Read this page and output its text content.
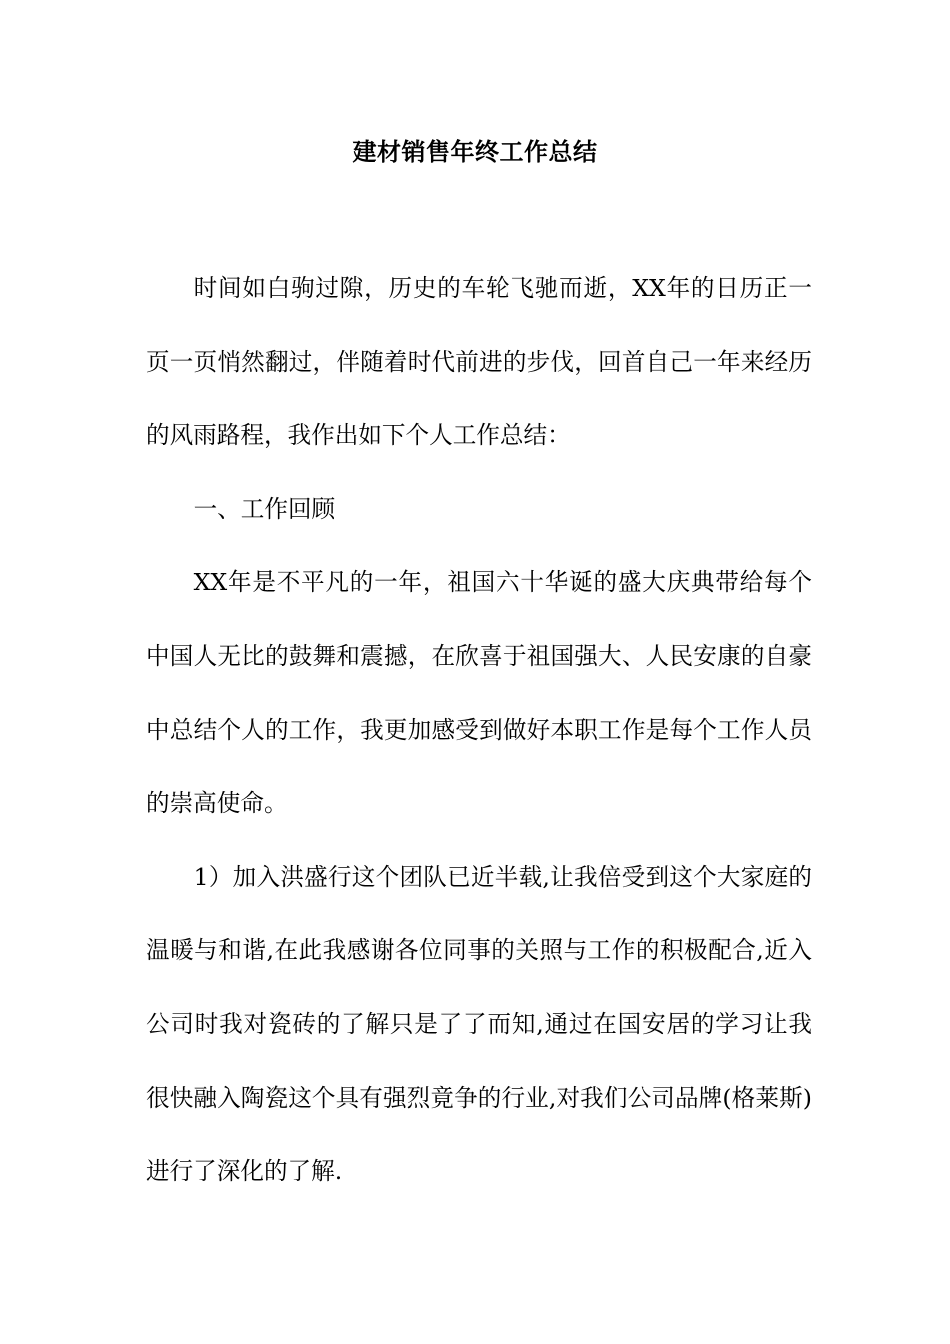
建材销售年终工作总结

时间如白驹过隙，历史的车轮飞驰而逝，XX年的日历正一页一页悄然翻过，伴随着时代前进的步伐，回首自己一年来经历的风雨路程，我作出如下个人工作总结：

一、工作回顾

XX年是不平凡的一年，祖国六十华诞的盛大庆典带给每个中国人无比的鼓舞和震撼，在欣喜于祖国强大、人民安康的自豪中总结个人的工作，我更加感受到做好本职工作是每个工作人员的崇高使命。

1）加入洪盛行这个团队已近半载,让我倍受到这个大家庭的温暖与和谐,在此我感谢各位同事的关照与工作的积极配合,近入公司时我对瓷砖的了解只是了了而知,通过在国安居的学习让我很快融入陶瓷这个具有强烈竟争的行业,对我们公司品牌(格莱斯)进行了深化的了解.
